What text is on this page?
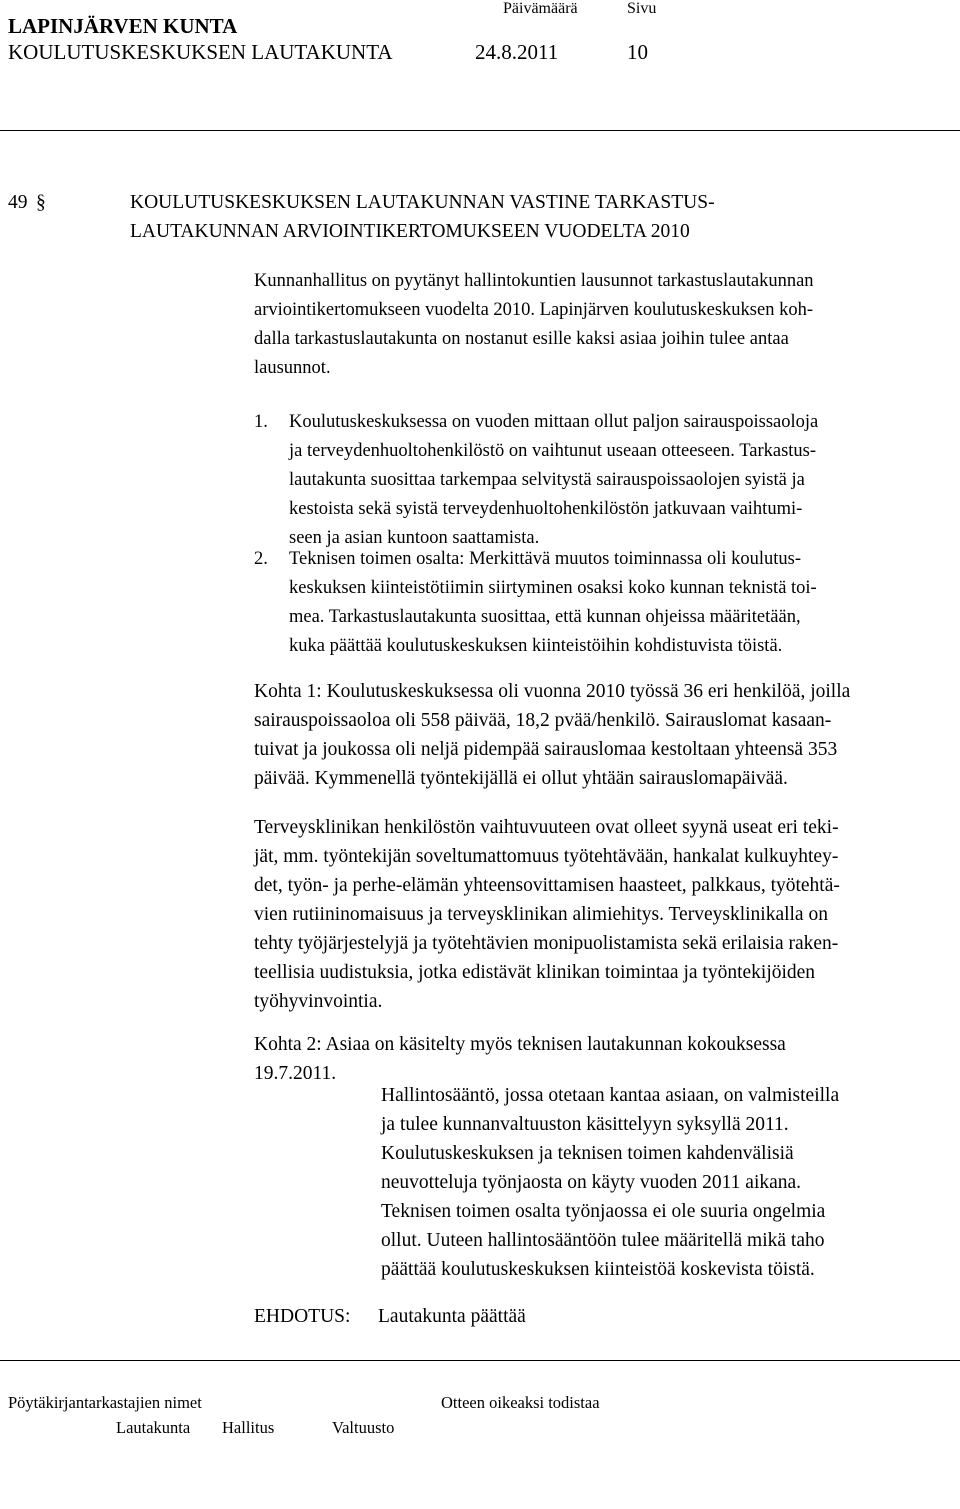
LAPINJÄRVEN KUNTA
Päivämäärä	Sivu
KOULUTUSKESKUKSEN LAUTAKUNTA	24.8.2011	10
49 §	KOULUTUSKESKUKSEN LAUTAKUNNAN VASTINE TARKASTUS-
LAUTAKUNNAN ARVIOINTIKERTOMUKSEEN VUODELTA 2010
Kunnanhallitus on pyytänyt hallintokuntien lausunnot tarkastuslautakunnan
arviointikertomukseen vuodelta 2010. Lapinjärven koulutuskeskuksen koh-
dalla tarkastuslautakunta on nostanut esille kaksi asiaa joihin tulee antaa
lausunnot.
1. Koulutuskeskuksessa on vuoden mittaan ollut paljon sairauspoissaoloja
ja terveydenhuoltohenkilöstö on vaihtunut useaan otteeseen. Tarkastus-
lautakunta suosittaa tarkempaa selvitystä sairauspoissaolojen syistä ja
kestoista sekä syistä terveydenhuoltohenkilöstön jatkuvaan vaihtumi-
seen ja asian kuntoon saattamista.
2. Teknisen toimen osalta: Merkittävä muutos toiminnassa oli koulutus-
keskuksen kiinteistötiimin siirtyminen osaksi koko kunnan teknistä toi-
mea. Tarkastuslautakunta suosittaa, että kunnan ohjeissa määritetään,
kuka päättää koulutuskeskuksen kiinteistöihin kohdistuvista töistä.
Kohta 1: Koulutuskeskuksessa oli vuonna 2010 työssä 36 eri henkilöä, joilla
sairauspoissaoloa oli 558 päivää, 18,2 pvää/henkilö. Sairauslomat kasaan-
tuivat ja joukossa oli neljä pidempää sairauslomaa kestoltaan yhteensä 353
päivää. Kymmenellä työntekijällä ei ollut yhtään sairauslomapäivää.
Terveysklinikan henkilöstön vaihtuvuuteen ovat olleet syynä useat eri teki-
jät, mm. työntekijän soveltumattomuus työtehtävään, hankalat kulkuyhtey-
det, työn- ja perhe-elämän yhteensovittamisen haasteet, palkkaus, työtehtä-
vien rutiininomaisuus ja terveysklinikan alimiehitys. Terveysklinikalla on
tehty työjärjestelyjä ja työtehtävien monipuolistamista sekä erilaisia raken-
teellisia uudistuksia, jotka edistävät klinikan toimintaa ja työntekijöiden
työhyvinvointia.
Kohta 2: Asiaa on käsitelty myös teknisen lautakunnan kokouksessa
19.7.2011.
Hallintosääntö, jossa otetaan kantaa asiaan, on valmisteilla
ja tulee kunnanvaltuuston käsittelyyn syksyllä 2011.
Koulutuskeskuksen ja teknisen toimen kahdenvälisiä
neuvotteluja työnjaosta on käyty vuoden 2011 aikana.
Teknisen toimen osalta työnjaossa ei ole suuria ongelmia
ollut. Uuteen hallintosääntöön tulee määritellä mikä taho
päättää koulutuskeskuksen kiinteistöä koskevista töistä.
EHDOTUS: Lautakunta päättää
Pöytäkirjantarkastajien nimet	Otteen oikeaksi todistaa
Lautakunta Hallitus	Valtuusto
